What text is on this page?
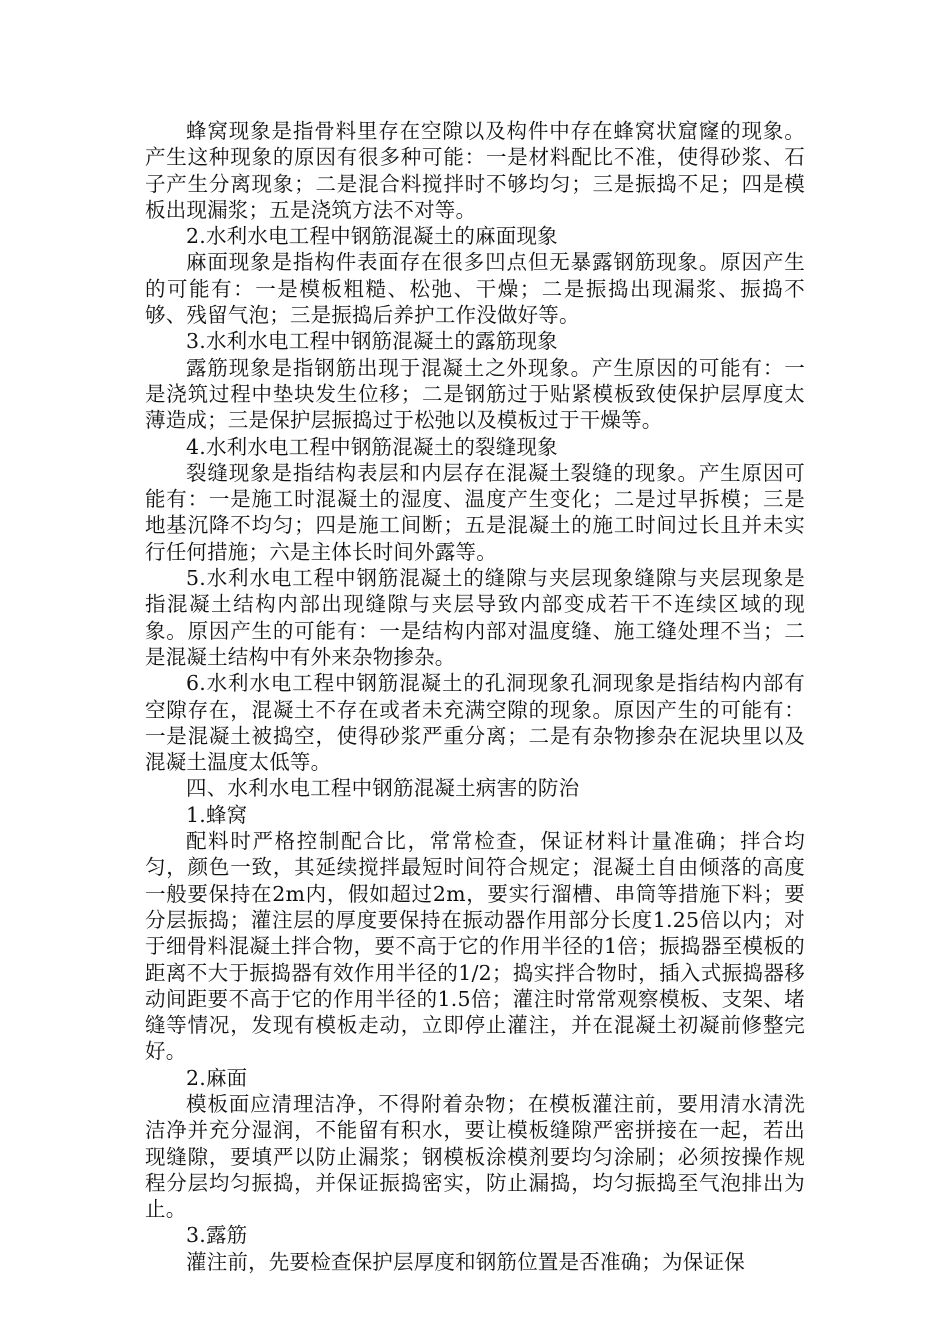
蜂窝现象是指骨料里存在空隙以及构件中存在蜂窝状窟窿的现象。产生这种现象的原因有很多种可能：一是材料配比不准，使得砂浆、石子产生分离现象；二是混合料搅拌时不够均匀；三是振捣不足；四是模板出现漏浆；五是浇筑方法不对等。

2.水利水电工程中钢筋混凝土的麻面现象

麻面现象是指构件表面存在很多凹点但无暴露钢筋现象。原因产生的可能有：一是模板粗糙、松弛、干燥；二是振捣出现漏浆、振捣不够、残留气泡；三是振捣后养护工作没做好等。

3.水利水电工程中钢筋混凝土的露筋现象

露筋现象是指钢筋出现于混凝土之外现象。产生原因的可能有：一是浇筑过程中垫块发生位移；二是钢筋过于贴紧模板致使保护层厚度太薄造成；三是保护层振捣过于松弛以及模板过于干燥等。

4.水利水电工程中钢筋混凝土的裂缝现象

裂缝现象是指结构表层和内层存在混凝土裂缝的现象。产生原因可能有：一是施工时混凝土的湿度、温度产生变化；二是过早拆模；三是地基沉降不均匀；四是施工间断；五是混凝土的施工时间过长且并未实行任何措施；六是主体长时间外露等。

5.水利水电工程中钢筋混凝土的缝隙与夹层现象缝隙与夹层现象是指混凝土结构内部出现缝隙与夹层导致内部变成若干不连续区域的现象。原因产生的可能有：一是结构内部对温度缝、施工缝处理不当；二是混凝土结构中有外来杂物掺杂。

6.水利水电工程中钢筋混凝土的孔洞现象孔洞现象是指结构内部有空隙存在，混凝土不存在或者未充满空隙的现象。原因产生的可能有：一是混凝土被捣空，使得砂浆严重分离；二是有杂物掺杂在泥块里以及混凝土温度太低等。

四、水利水电工程中钢筋混凝土病害的防治

1.蜂窝

配料时严格控制配合比，常常检查，保证材料计量准确；拌合均匀，颜色一致，其延续搅拌最短时间符合规定；混凝土自由倾落的高度一般要保持在2m内，假如超过2m，要实行溜槽、串筒等措施下料；要分层振捣；灌注层的厚度要保持在振动器作用部分长度1.25倍以内；对于细骨料混凝土拌合物，要不高于它的作用半径的1倍；振捣器至模板的距离不大于振捣器有效作用半径的1/2；捣实拌合物时，插入式振捣器移动间距要不高于它的作用半径的1.5倍；灌注时常常观察模板、支架、堵缝等情况，发现有模板走动，立即停止灌注，并在混凝土初凝前修整完好。

2.麻面

模板面应清理洁净，不得附着杂物；在模板灌注前，要用清水清洗洁净并充分湿润，不能留有积水，要让模板缝隙严密拼接在一起，若出现缝隙，要填严以防止漏浆；钢模板涂模剂要均匀涂刷；必须按操作规程分层均匀振捣，并保证振捣密实，防止漏捣，均匀振捣至气泡排出为止。

3.露筋

灌注前，先要检查保护层厚度和钢筋位置是否准确；为保证保
